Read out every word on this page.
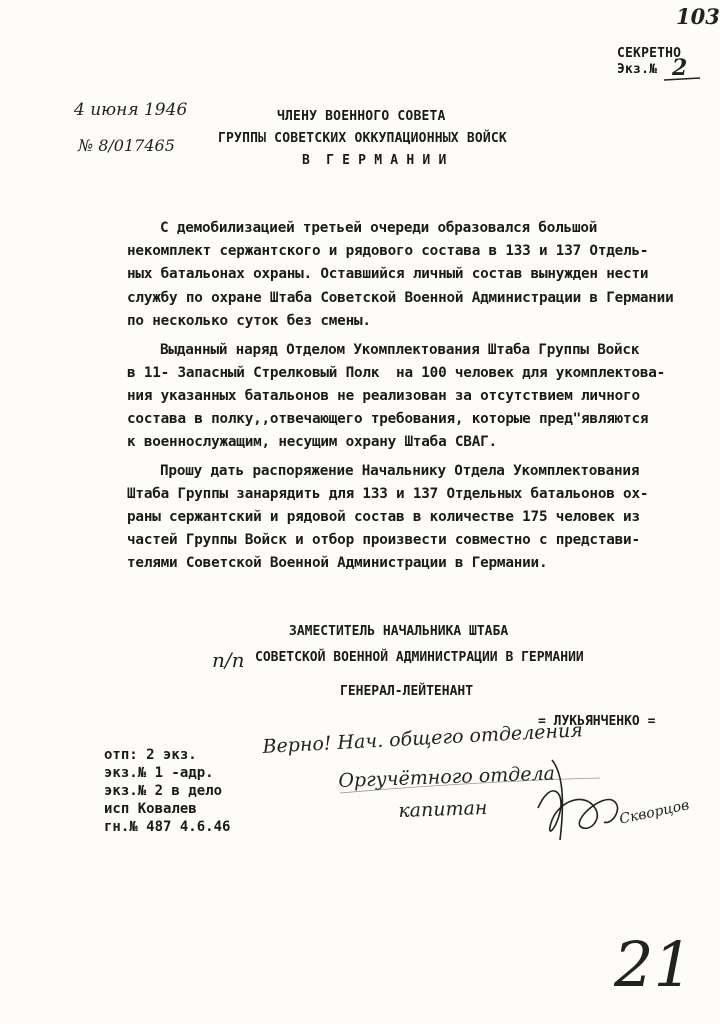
103
СЕКРЕТНО
Экз.№ 2
4 июня 1946
№ 8/017465
ЧЛЕНУ ВОЕННОГО СОВЕТА
ГРУППЫ СОВЕТСКИХ ОККУПАЦИОННЫХ ВОЙСК
В  Г Е Р М А Н И И
С демобилизацией третьей очереди образовался большой
некомплект сержантского и рядового состава в 133 и 137 Отдель-
ных батальонах охраны. Оставшийся личный состав вынужден нести
службу по охране Штаба Советской Военной Администрации в Германии
по несколько суток без смены.
Выданный наряд Отделом Укомплектования Штаба Группы Войск
в 11- Запасный Стрелковый Полк  на 100 человек для укомплектова-
ния указанных батальонов не реализован за отсутствием личного
состава в полку,,отвечающего требования, которые пред"являются
к военнослужащим, несущим охрану Штаба СВАГ.
Прошу дать распоряжение Начальнику Отдела Укомплектования
Штаба Группы занарядить для 133 и 137 Отдельных батальонов ох-
раны сержантский и рядовой состав в количестве 175 человек из
частей Группы Войск и отбор произвести совместно с представи-
телями Советской Военной Администрации в Германии.
ЗАМЕСТИТЕЛЬ НАЧАЛЬНИКА ШТАБА
п/п СОВЕТСКОЙ ВОЕННОЙ АДМИНИСТРАЦИИ В ГЕРМАНИИ
ГЕНЕРАЛ-ЛЕЙТЕНАНТ
= ЛУКЬЯНЧЕНКО =
отп: 2 экз.
экз.№ 1 -адр.
экз.№ 2 в дело
исп Ковалев
гн.№ 487 4.6.46
Верно! Нач. общего отделения
Оргучётного отдела
капитан	Скворцов
21
